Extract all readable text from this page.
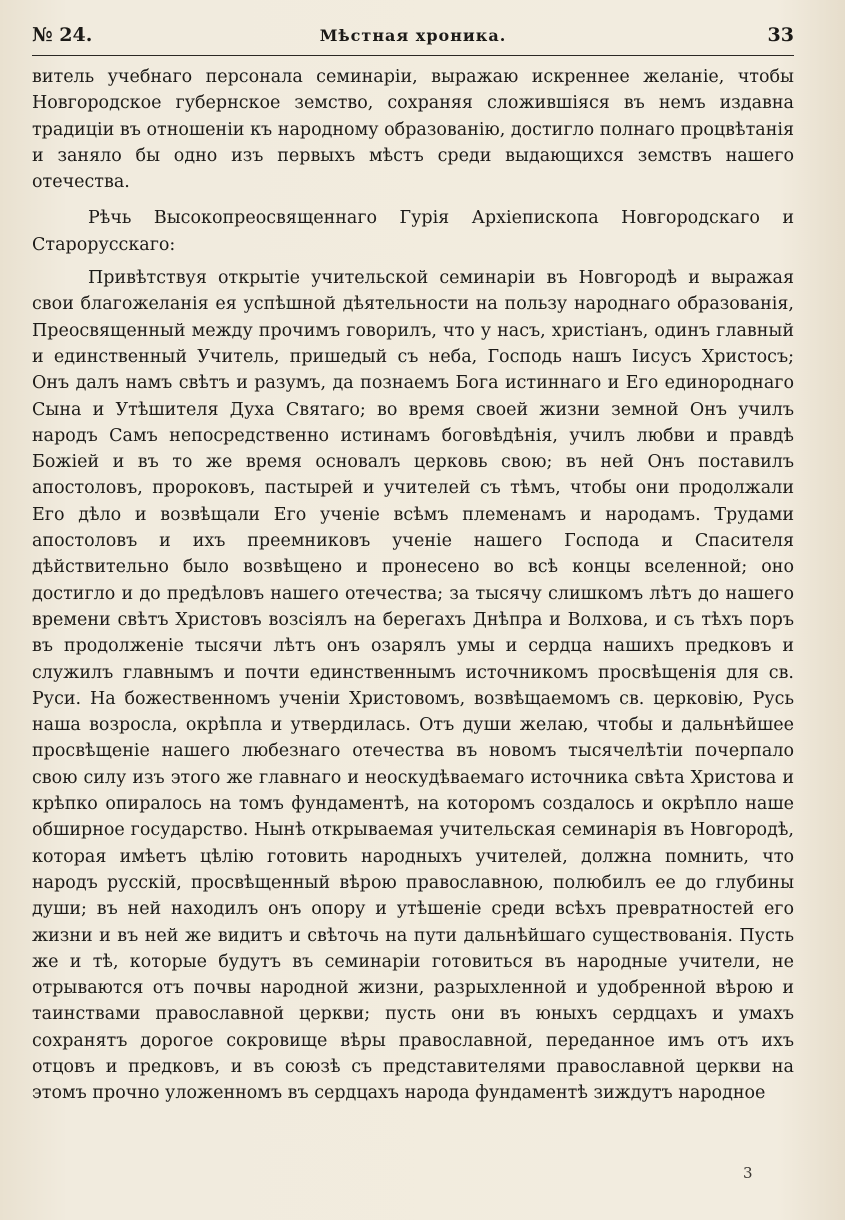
№ 24.	Мѣстная хроника.	33

витель учебнаго персонала семинаріи, выражаю искреннее желаніе, чтобы Новгородское губернское земство, сохраняя сложившіяся въ немъ издавна традиціи въ отношеніи къ народному образованію, достигло полнаго процвѣтанія и заняло бы одно изъ первыхъ мѣстъ среди выдающихся земствъ нашего отечества.

Рѣчь Высокопреосвященнаго Гурія Архіепископа Новгородскаго и Старорусскаго:

Привѣтствуя открытіе учительской семинаріи въ Новгородѣ и выражая свои благожеланія ея успѣшной дѣятельности на пользу народнаго образованія, Преосвященный между прочимъ говорилъ, что у насъ, христіанъ, одинъ главный и единственный Учитель, пришедый съ неба, Господь нашъ Іисусъ Христосъ; Онъ далъ намъ свѣтъ и разумъ, да познаемъ Бога истиннаго и Его единороднаго Сына и Утѣшителя Духа Святаго; во время своей жизни земной Онъ училъ народъ Самъ непосредственно истинамъ боговѣдѣнія, училъ любви и правдѣ Божіей и въ то же время основалъ церковь свою; въ ней Онъ поставилъ апостоловъ, пророковъ, пастырей и учителей съ тѣмъ, чтобы они продолжали Его дѣло и возвѣщали Его ученіе всѣмъ племенамъ и народамъ. Трудами апостоловъ и ихъ преемниковъ ученіе нашего Господа и Спасителя дѣйствительно было возвѣщено и пронесено во всѣ концы вселенной; оно достигло и до предѣловъ нашего отечества; за тысячу слишкомъ лѣтъ до нашего времени свѣтъ Христовъ возсіялъ на берегахъ Днѣпра и Волхова, и съ тѣхъ поръ въ продолженіе тысячи лѣтъ онъ озарялъ умы и сердца нашихъ предковъ и служилъ главнымъ и почти единственнымъ источникомъ просвѣщенія для св. Руси. На божественномъ ученіи Христовомъ, возвѣщаемомъ св. церковію, Русь наша возросла, окрѣпла и утвердилась. Отъ души желаю, чтобы и дальнѣйшее просвѣщеніе нашего любезнаго отечества въ новомъ тысячелѣтіи почерпало свою силу изъ этого же главнаго и неоскудѣваемаго источника свѣта Христова и крѣпко опиралось на томъ фундаментѣ, на которомъ создалось и окрѣпло наше обширное государство. Нынѣ открываемая учительская семинарія въ Новгородѣ, которая имѣетъ цѣлію готовить народныхъ учителей, должна помнить, что народъ русскій, просвѣщенный вѣрою православною, полюбилъ ее до глубины души; въ ней находилъ онъ опору и утѣшеніе среди всѣхъ превратностей его жизни и въ ней же видитъ и свѣточь на пути дальнѣйшаго существованія. Пусть же и тѣ, которые будутъ въ семинаріи готовиться въ народные учители, не отрываются отъ почвы народной жизни, разрыхленной и удобренной вѣрою и таинствами православной церкви; пусть они въ юныхъ сердцахъ и умахъ сохранятъ дорогое сокровище вѣры православной, переданное имъ отъ ихъ отцовъ и предковъ, и въ союзѣ съ представителями православной церкви на этомъ прочно уложенномъ въ сердцахъ народа фундаментѣ зиждутъ народное

3
